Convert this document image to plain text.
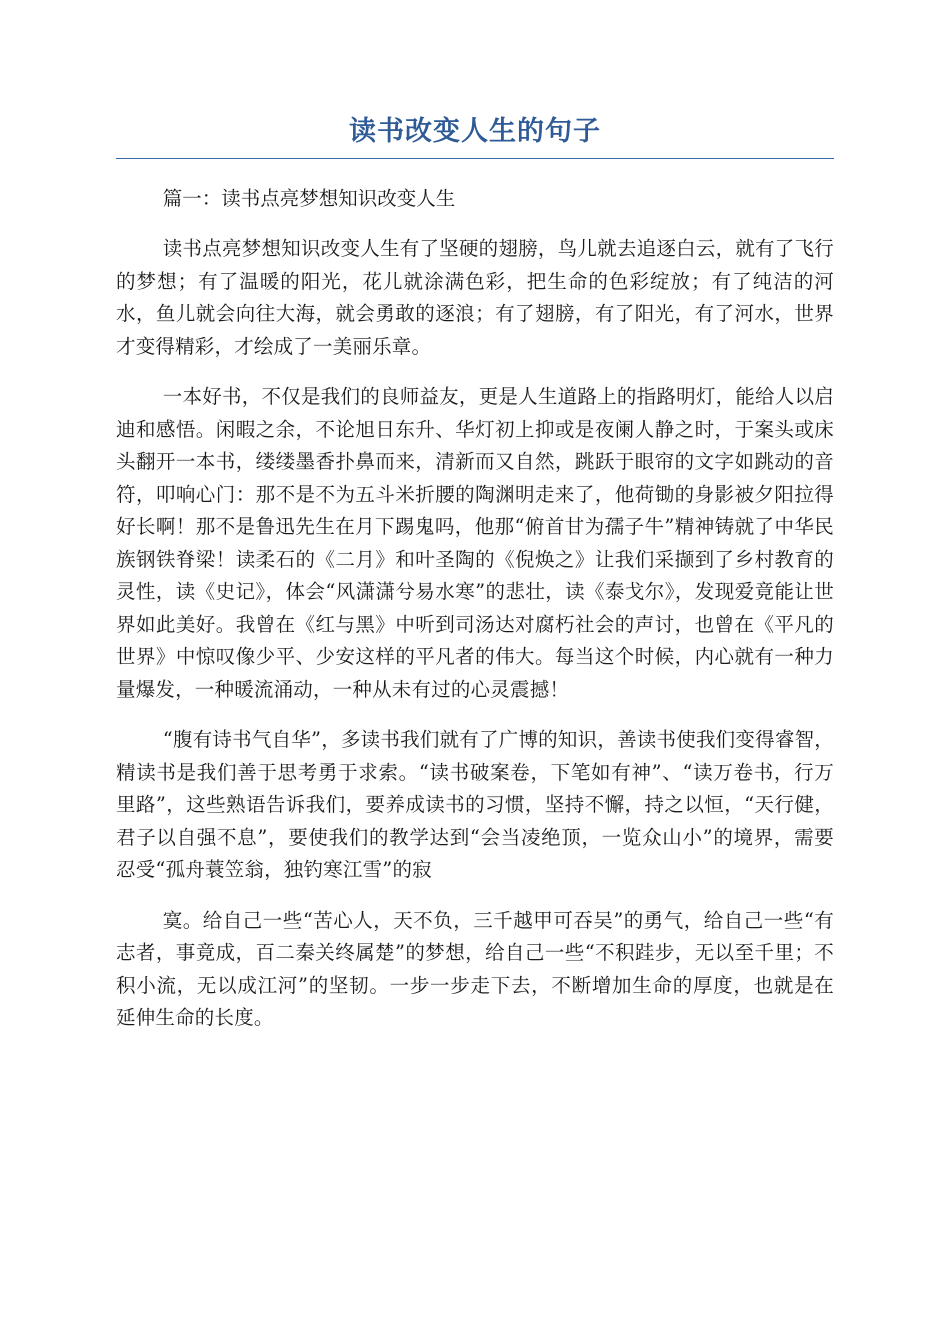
读书改变人生的句子

篇一：读书点亮梦想知识改变人生

读书点亮梦想知识改变人生有了坚硬的翅膀，鸟儿就去追逐白云，就有了飞行的梦想；有了温暖的阳光，花儿就涂满色彩，把生命的色彩绽放；有了纯洁的河水，鱼儿就会向往大海，就会勇敢的逐浪；有了翅膀，有了阳光，有了河水，世界才变得精彩，才绘成了一美丽乐章。

一本好书，不仅是我们的良师益友，更是人生道路上的指路明灯，能给人以启迪和感悟。闲暇之余，不论旭日东升、华灯初上抑或是夜阑人静之时，于案头或床头翻开一本书，缕缕墨香扑鼻而来，清新而又自然，跳跃于眼帘的文字如跳动的音符，叩响心门：那不是不为五斗米折腰的陶渊明走来了，他荷锄的身影被夕阳拉得好长啊！那不是鲁迅先生在月下踢鬼吗，他那“俯首甘为孺子牛”精神铸就了中华民族钢铁脊梁！读柔石的《二月》和叶圣陶的《倪焕之》让我们采撷到了乡村教育的灵性，读《史记》，体会“风潇潇兮易水寒”的悲壮，读《泰戈尔》，发现爱竟能让世界如此美好。我曾在《红与黑》中听到司汤达对腐朽社会的声讨，也曾在《平凡的世界》中惊叹像少平、少安这样的平凡者的伟大。每当这个时候，内心就有一种力量爆发，一种暖流涌动，一种从未有过的心灵震撼！

“腹有诗书气自华”，多读书我们就有了广博的知识，善读书使我们变得睿智，精读书是我们善于思考勇于求索。“读书破案卷，下笔如有神”、“读万卷书，行万里路”，这些熟语告诉我们，要养成读书的习惯，坚持不懈，持之以恒，“天行健，君子以自强不息”，要使我们的教学达到“会当凌绝顶，一览众山小”的境界，需要忍受“孤舟蓑笠翁，独钓寒江雪”的寂

寞。给自己一些“苦心人，天不负，三千越甲可吞吴”的勇气，给自己一些“有志者，事竟成，百二秦关终属楚”的梦想，给自己一些“不积跬步，无以至千里；不积小流，无以成江河”的坚韧。一步一步走下去，不断增加生命的厚度，也就是在延伸生命的长度。
